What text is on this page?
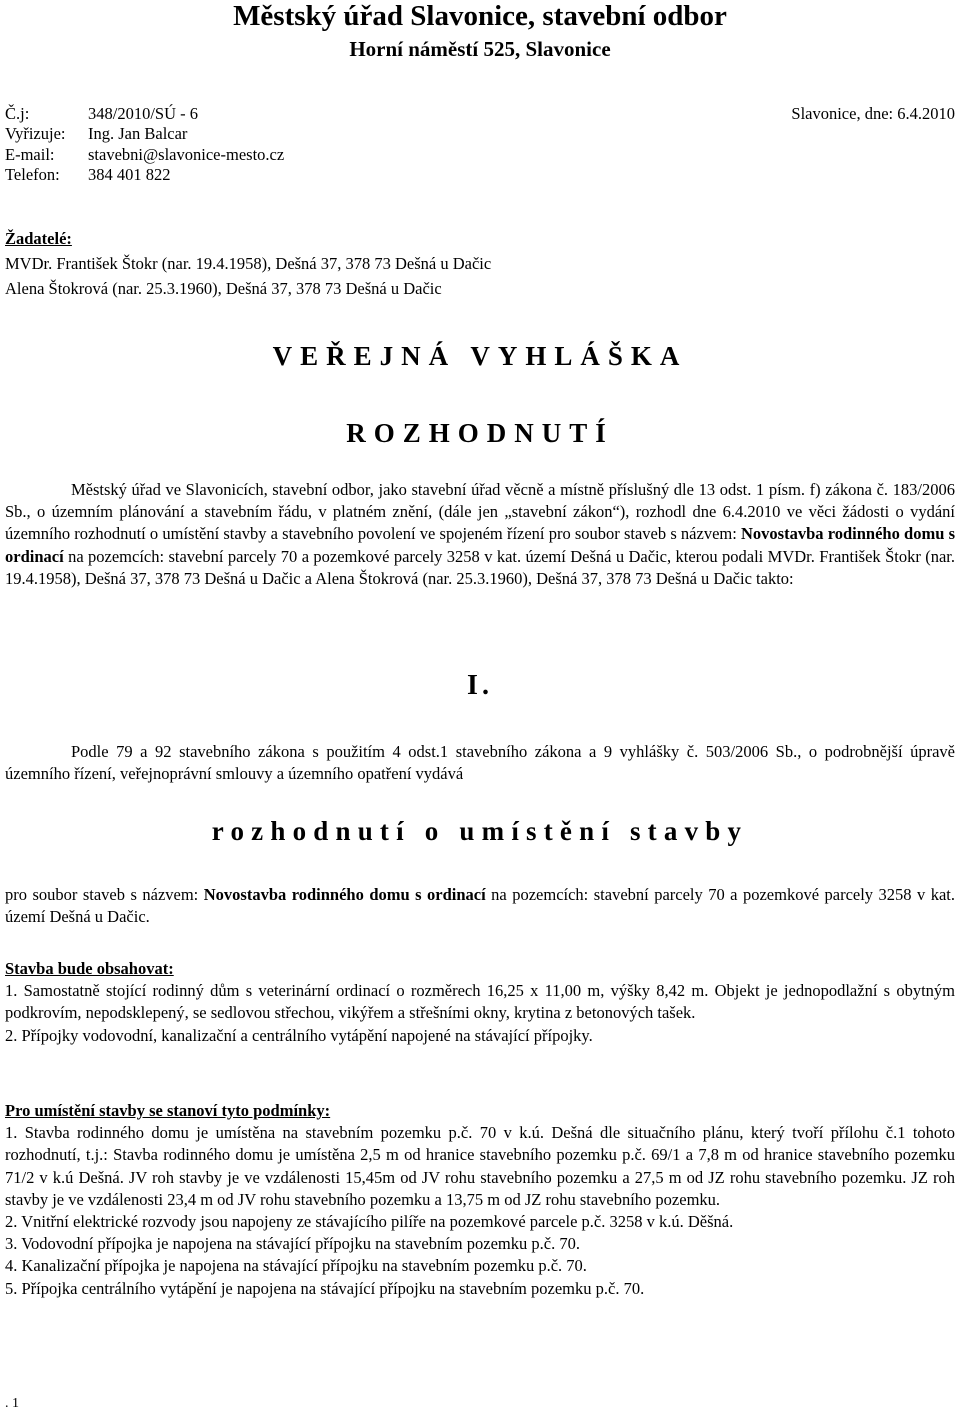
Městský úřad Slavonice, stavební odbor
Horní náměstí 525, Slavonice
Č.j:	348/2010/SÚ - 6	Slavonice, dne: 6.4.2010
Vyřizuje: Ing. Jan Balcar
E-mail: stavebni@slavonice-mesto.cz
Telefon: 384 401 822
Žadatelé:
MVDr. František Štokr (nar. 19.4.1958), Dešná 37, 378 73 Dešná u Dačic
Alena Štokrová (nar. 25.3.1960), Dešná 37, 378 73 Dešná u Dačic
VEŘEJNÁ VYHLÁŠKA
ROZHODNUTÍ
Městský úřad ve Slavonicích, stavební odbor, jako stavební úřad věcně a místně příslušný dle 13 odst. 1 písm. f) zákona č. 183/2006 Sb., o územním plánování a stavebním řádu, v platném znění, (dále jen „stavební zákon“), rozhodl dne 6.4.2010 ve věci žádosti o vydání územního rozhodnutí o umístění stavby a stavebního povolení ve spojeném řízení pro soubor staveb s názvem: Novostavba rodinného domu s ordinací na pozemcích: stavební parcely 70 a pozemkové parcely 3258 v kat. území Dešná u Dačic, kterou podali MVDr. František Štokr (nar. 19.4.1958), Dešná 37, 378 73 Dešná u Dačic a Alena Štokrová (nar. 25.3.1960), Dešná 37, 378 73 Dešná u Dačic takto:
I.
Podle 79 a 92 stavebního zákona s použitím 4 odst.1 stavebního zákona a 9 vyhlášky č. 503/2006 Sb., o podrobnější úpravě územního řízení, veřejnoprávní smlouvy a územního opatření vydává
rozhodnutí o umístění stavby
pro soubor staveb s názvem: Novostavba rodinného domu s ordinací na pozemcích: stavební parcely 70 a pozemkové parcely 3258 v kat. území Dešná u Dačic.
Stavba bude obsahovat:
1. Samostatně stojící rodinný dům s veterinární ordinací o rozměrech 16,25 x 11,00 m, výšky 8,42 m. Objekt je jednopodlažní s obytným podkrovím, nepodsklepený, se sedlovou střechou, vikýřem a střešními okny, krytina z betonových tašek.
2. Přípojky vodovodní, kanalizační a centrálního vytápění napojené na stávající přípojky.
Pro umístění stavby se stanoví tyto podmínky:
1. Stavba rodinného domu je umístěna na stavebním pozemku p.č. 70 v k.ú. Dešná dle situačního plánu, který tvoří přílohu č.1 tohoto rozhodnutí, t.j.: Stavba rodinného domu je umístěna 2,5 m od hranice stavebního pozemku p.č. 69/1 a 7,8 m od hranice stavebního pozemku 71/2 v k.ú Dešná. JV roh stavby je ve vzdálenosti 15,45m od JV rohu stavebního pozemku a 27,5 m od JZ rohu stavebního pozemku. JZ roh stavby je ve vzdálenosti 23,4 m od JV rohu stavebního pozemku a 13,75 m od JZ rohu stavebního pozemku.
2. Vnitřní elektrické rozvody jsou napojeny ze stávajícího pilíře na pozemkové parcele p.č. 3258 v k.ú. Děšná.
3. Vodovodní přípojka je napojena na stávající přípojku na stavebním pozemku p.č. 70.
4. Kanalizační přípojka je napojena na stávající přípojku na stavebním pozemku p.č. 70.
5. Přípojka centrálního vytápění je napojena na stávající přípojku na stavebním pozemku p.č. 70.
. 1
